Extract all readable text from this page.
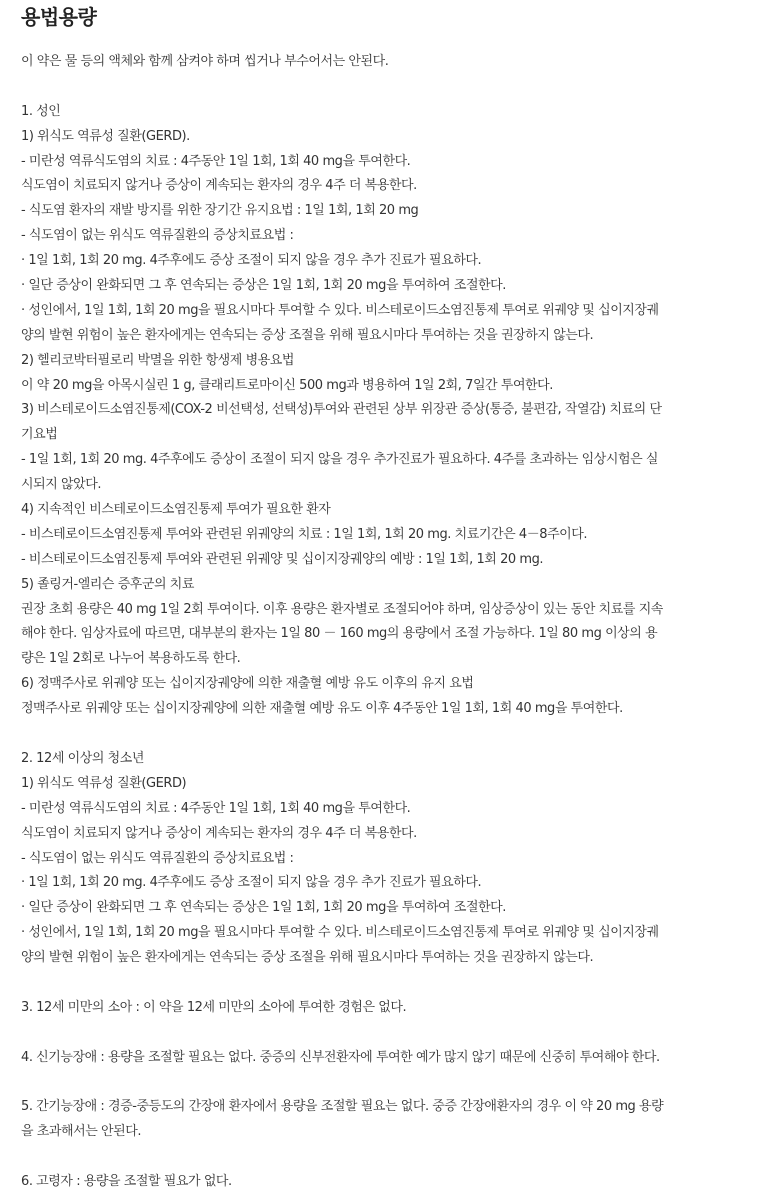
용법용량
이 약은 물 등의 액체와 함께 삼켜야 하며 씹거나 부수어서는 안된다.
1. 성인
1) 위식도 역류성 질환(GERD).
- 미란성 역류식도염의 치료 : 4주동안 1일 1회, 1회 40 mg을 투여한다.
식도염이 치료되지 않거나 증상이 계속되는 환자의 경우 4주 더 복용한다.
- 식도염 환자의 재발 방지를 위한 장기간 유지요법 : 1일 1회, 1회 20 mg
- 식도염이 없는 위식도 역류질환의 증상치료요법 :
· 1일 1회, 1회 20 mg. 4주후에도 증상 조절이 되지 않을 경우 추가 진료가 필요하다.
· 일단 증상이 완화되면 그 후 연속되는 증상은 1일 1회, 1회 20 mg을 투여하여 조절한다.
· 성인에서, 1일 1회, 1회 20 mg을 필요시마다 투여할 수 있다. 비스테로이드소염진통제 투여로 위궤양 및 십이지장궤
양의 발현 위험이 높은 환자에게는 연속되는 증상 조절을 위해 필요시마다 투여하는 것을 권장하지 않는다.
2) 헬리코박터필로리 박멸을 위한 항생제 병용요법
이 약 20 mg을 아목시실린 1 g, 클래리트로마이신 500 mg과 병용하여 1일 2회, 7일간 투여한다.
3) 비스테로이드소염진통제(COX-2 비선택성, 선택성)투여와 관련된 상부 위장관 증상(통증, 불편감, 작열감) 치료의 단
기요법
- 1일 1회, 1회 20 mg. 4주후에도 증상이 조절이 되지 않을 경우 추가진료가 필요하다. 4주를 초과하는 임상시험은 실
시되지 않았다.
4) 지속적인 비스테로이드소염진통제 투여가 필요한 환자
- 비스테로이드소염진통제 투여와 관련된 위궤양의 치료 : 1일 1회, 1회 20 mg. 치료기간은 4－8주이다.
- 비스테로이드소염진통제 투여와 관련된 위궤양 및 십이지장궤양의 예방 : 1일 1회, 1회 20 mg.
5) 졸링거-엘리슨 증후군의 치료
권장 초회 용량은 40 mg 1일 2회 투여이다. 이후 용량은 환자별로 조절되어야 하며, 임상증상이 있는 동안 치료를 지속
해야 한다. 임상자료에 따르면, 대부분의 환자는 1일 80 － 160 mg의 용량에서 조절 가능하다. 1일 80 mg 이상의 용
량은 1일 2회로 나누어 복용하도록 한다.
6) 정맥주사로 위궤양 또는 십이지장궤양에 의한 재출혈 예방 유도 이후의 유지 요법
정맥주사로 위궤양 또는 십이지장궤양에 의한 재출혈 예방 유도 이후 4주동안 1일 1회, 1회 40 mg을 투여한다.
2. 12세 이상의 청소년
1) 위식도 역류성 질환(GERD)
- 미란성 역류식도염의 치료 : 4주동안 1일 1회, 1회 40 mg을 투여한다.
식도염이 치료되지 않거나 증상이 계속되는 환자의 경우 4주 더 복용한다.
- 식도염이 없는 위식도 역류질환의 증상치료요법 :
· 1일 1회, 1회 20 mg. 4주후에도 증상 조절이 되지 않을 경우 추가 진료가 필요하다.
· 일단 증상이 완화되면 그 후 연속되는 증상은 1일 1회, 1회 20 mg을 투여하여 조절한다.
· 성인에서, 1일 1회, 1회 20 mg을 필요시마다 투여할 수 있다. 비스테로이드소염진통제 투여로 위궤양 및 십이지장궤
양의 발현 위험이 높은 환자에게는 연속되는 증상 조절을 위해 필요시마다 투여하는 것을 권장하지 않는다.
3. 12세 미만의 소아 : 이 약을 12세 미만의 소아에 투여한 경험은 없다.
4. 신기능장애 : 용량을 조절할 필요는 없다. 중증의 신부전환자에 투여한 예가 많지 않기 때문에 신중히 투여해야 한다.
5. 간기능장애 : 경증-중등도의 간장애 환자에서 용량을 조절할 필요는 없다. 중증 간장애환자의 경우 이 약 20 mg 용량
을 초과해서는 안된다.
6. 고령자 : 용량을 조절할 필요가 없다.
